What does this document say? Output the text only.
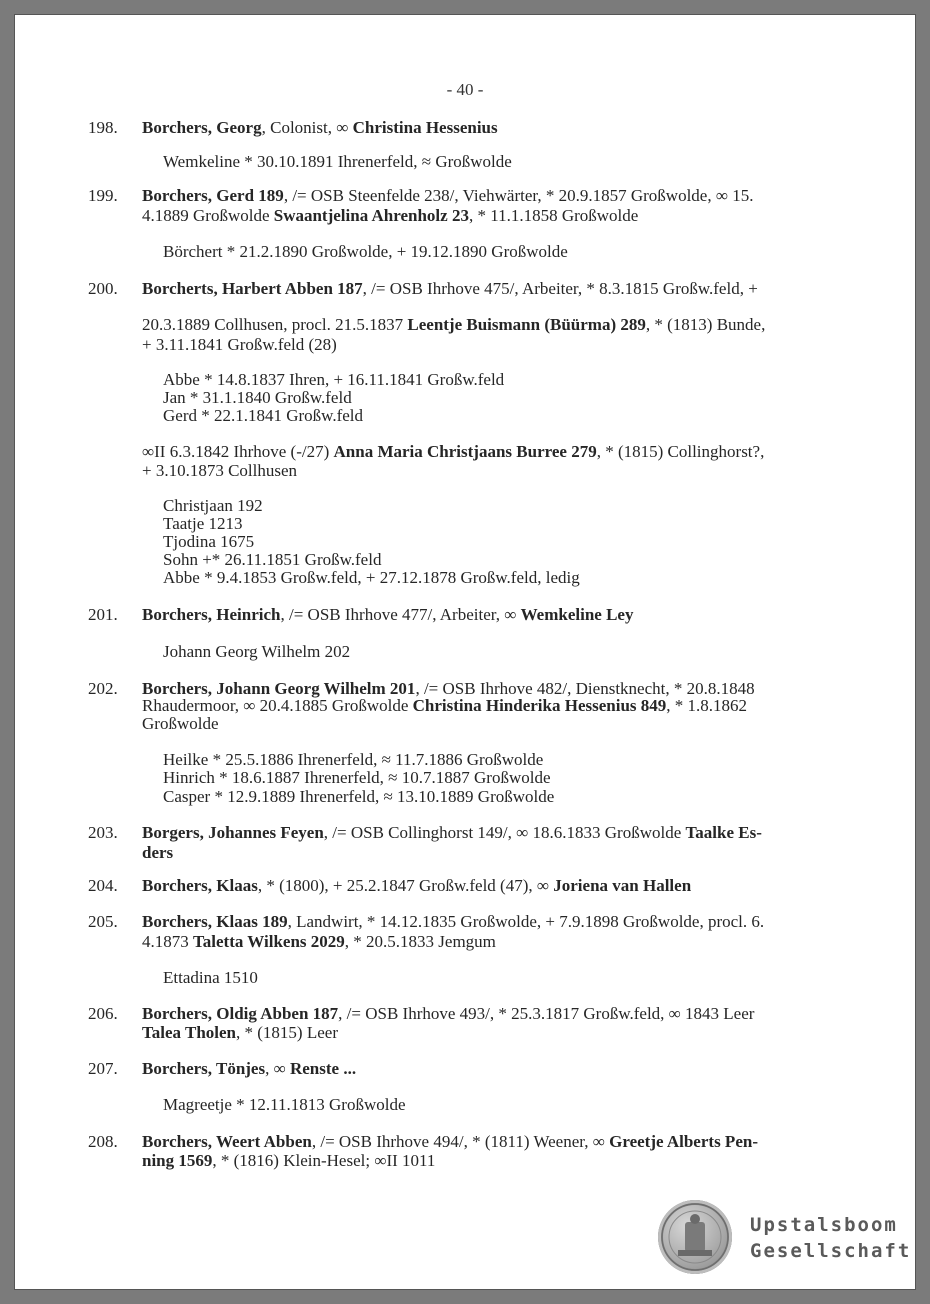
- 40 -
198. Borchers, Georg, Colonist, ∞ Christina Hessenius
Wemkeline * 30.10.1891 Ihrenerfeld, ≈ Großwolde
199. Borchers, Gerd 189, /= OSB Steenfelde 238/, Viehwärter, * 20.9.1857 Großwolde, ∞ 15.
4.1889 Großwolde Swaantjelina Ahrenholz 23, * 11.1.1858 Großwolde
Börchert * 21.2.1890 Großwolde, + 19.12.1890 Großwolde
200. Borcherts, Harbert Abben 187, /= OSB Ihrhove 475/, Arbeiter, * 8.3.1815 Großw.feld, +
20.3.1889 Collhusen, procl. 21.5.1837 Leentje Buismann (Büürma) 289, * (1813) Bunde,
+ 3.11.1841 Großw.feld (28)
Abbe * 14.8.1837 Ihren, + 16.11.1841 Großw.feld
Jan * 31.1.1840 Großw.feld
Gerd * 22.1.1841 Großw.feld
∞II 6.3.1842 Ihrhove (-/27) Anna Maria Christjaans Burree 279, * (1815) Collinghorst?,
+ 3.10.1873 Collhusen
Christjaan 192
Taatje 1213
Tjodina 1675
Sohn +* 26.11.1851 Großw.feld
Abbe * 9.4.1853 Großw.feld, + 27.12.1878 Großw.feld, ledig
201. Borchers, Heinrich, /= OSB Ihrhove 477/, Arbeiter, ∞ Wemkeline Ley
Johann Georg Wilhelm 202
202. Borchers, Johann Georg Wilhelm 201, /= OSB Ihrhove 482/, Dienstknecht, * 20.8.1848
Rhaudermoor, ∞ 20.4.1885 Großwolde Christina Hinderika Hessenius 849, * 1.8.1862
Großwolde
Heilke * 25.5.1886 Ihrenerfeld, ≈ 11.7.1886 Großwolde
Hinrich * 18.6.1887 Ihrenerfeld, ≈ 10.7.1887 Großwolde
Casper * 12.9.1889 Ihrenerfeld, ≈ 13.10.1889 Großwolde
203. Borgers, Johannes Feyen, /= OSB Collinghorst 149/, ∞ 18.6.1833 Großwolde Taalke Es-
ders
204. Borchers, Klaas, * (1800), + 25.2.1847 Großw.feld (47), ∞ Joriena van Hallen
205. Borchers, Klaas 189, Landwirt, * 14.12.1835 Großwolde, + 7.9.1898 Großwolde, procl. 6.
4.1873 Taletta Wilkens 2029, * 20.5.1833 Jemgum
Ettadina 1510
206. Borchers, Oldig Abben 187, /= OSB Ihrhove 493/, * 25.3.1817 Großw.feld, ∞ 1843 Leer
Talea Tholen, * (1815) Leer
207. Borchers, Tönjes, ∞ Renste ...
Magreetje * 12.11.1813 Großwolde
208. Borchers, Weert Abben, /= OSB Ihrhove 494/, * (1811) Weener, ∞ Greetje Alberts Pen-
ning 1569, * (1816) Klein-Hesel; ∞II 1011
Upstalsboom
Gesellschaft
